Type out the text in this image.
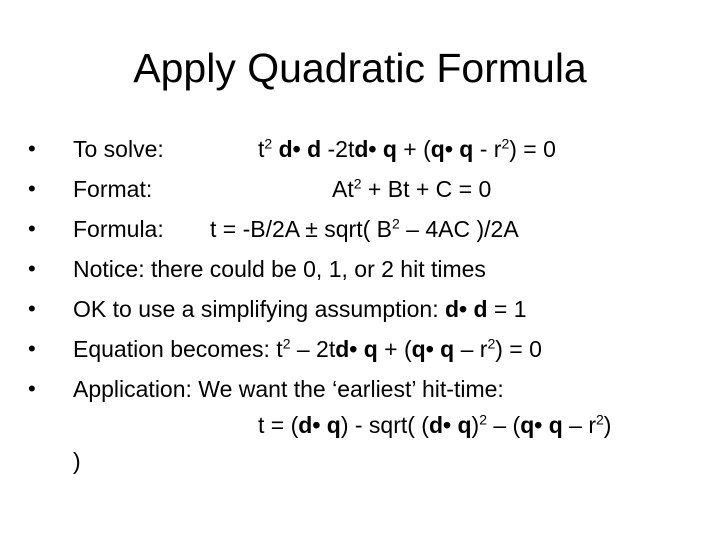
Apply Quadratic Formula
• To solve:	$t^2$ d• d -2td• q + (q• $q - r^2) = 0$
• Format:	$At^2 + Bt + C = 0$
• Formula: t = -B/2A ± sqrt( $B^2 - 4AC$ )/2A
• Notice: there could be 0, 1, or 2 hit times
• OK to use a simplifying assumption: d• d = 1
• Equation becomes: $t^2$ – 2td• q + (q• $q - r^2) = 0$
• Application: We want the ‘earliest’ hit-time:
t = (d• q) - sqrt( (d• q)$^2$ – (q• q – $r^2$)
)
